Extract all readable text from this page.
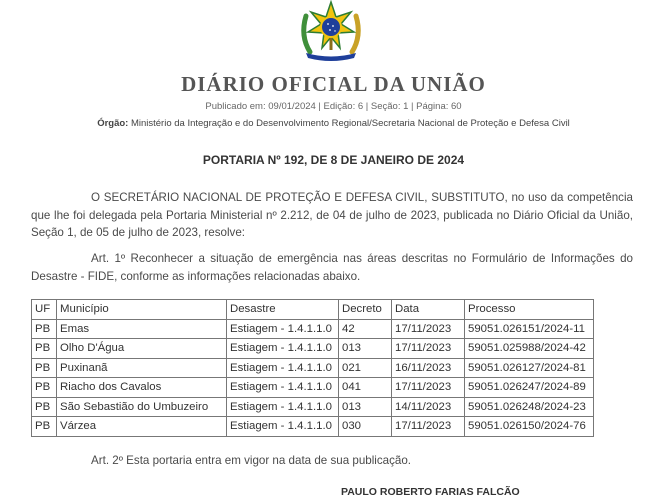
DIÁRIO OFICIAL DA UNIÃO
Publicado em: 09/01/2024 | Edição: 6 | Seção: 1 | Página: 60
Órgão: Ministério da Integração e do Desenvolvimento Regional/Secretaria Nacional de Proteção e Defesa Civil
PORTARIA Nº 192, DE 8 DE JANEIRO DE 2024
O SECRETÁRIO NACIONAL DE PROTEÇÃO E DEFESA CIVIL, SUBSTITUTO, no uso da competência que lhe foi delegada pela Portaria Ministerial nº 2.212, de 04 de julho de 2023, publicada no Diário Oficial da União, Seção 1, de 05 de julho de 2023, resolve:
Art. 1º Reconhecer a situação de emergência nas áreas descritas no Formulário de Informações do Desastre - FIDE, conforme as informações relacionadas abaixo.
UF	Município	Desastre	Decreto	Data	Processo
PB	Emas	Estiagem - 1.4.1.1.0	42	17/11/2023	59051.026151/2024-11
PB	Olho D'Água	Estiagem - 1.4.1.1.0	013	17/11/2023	59051.025988/2024-42
PB	Puxinanã	Estiagem - 1.4.1.1.0	021	16/11/2023	59051.026127/2024-81
PB	Riacho dos Cavalos	Estiagem - 1.4.1.1.0	041	17/11/2023	59051.026247/2024-89
PB	São Sebastião do Umbuzeiro	Estiagem - 1.4.1.1.0	013	14/11/2023	59051.026248/2024-23
PB	Várzea	Estiagem - 1.4.1.1.0	030	17/11/2023	59051.026150/2024-76
Art. 2º Esta portaria entra em vigor na data de sua publicação.
PAULO ROBERTO FARIAS FALCÃO
